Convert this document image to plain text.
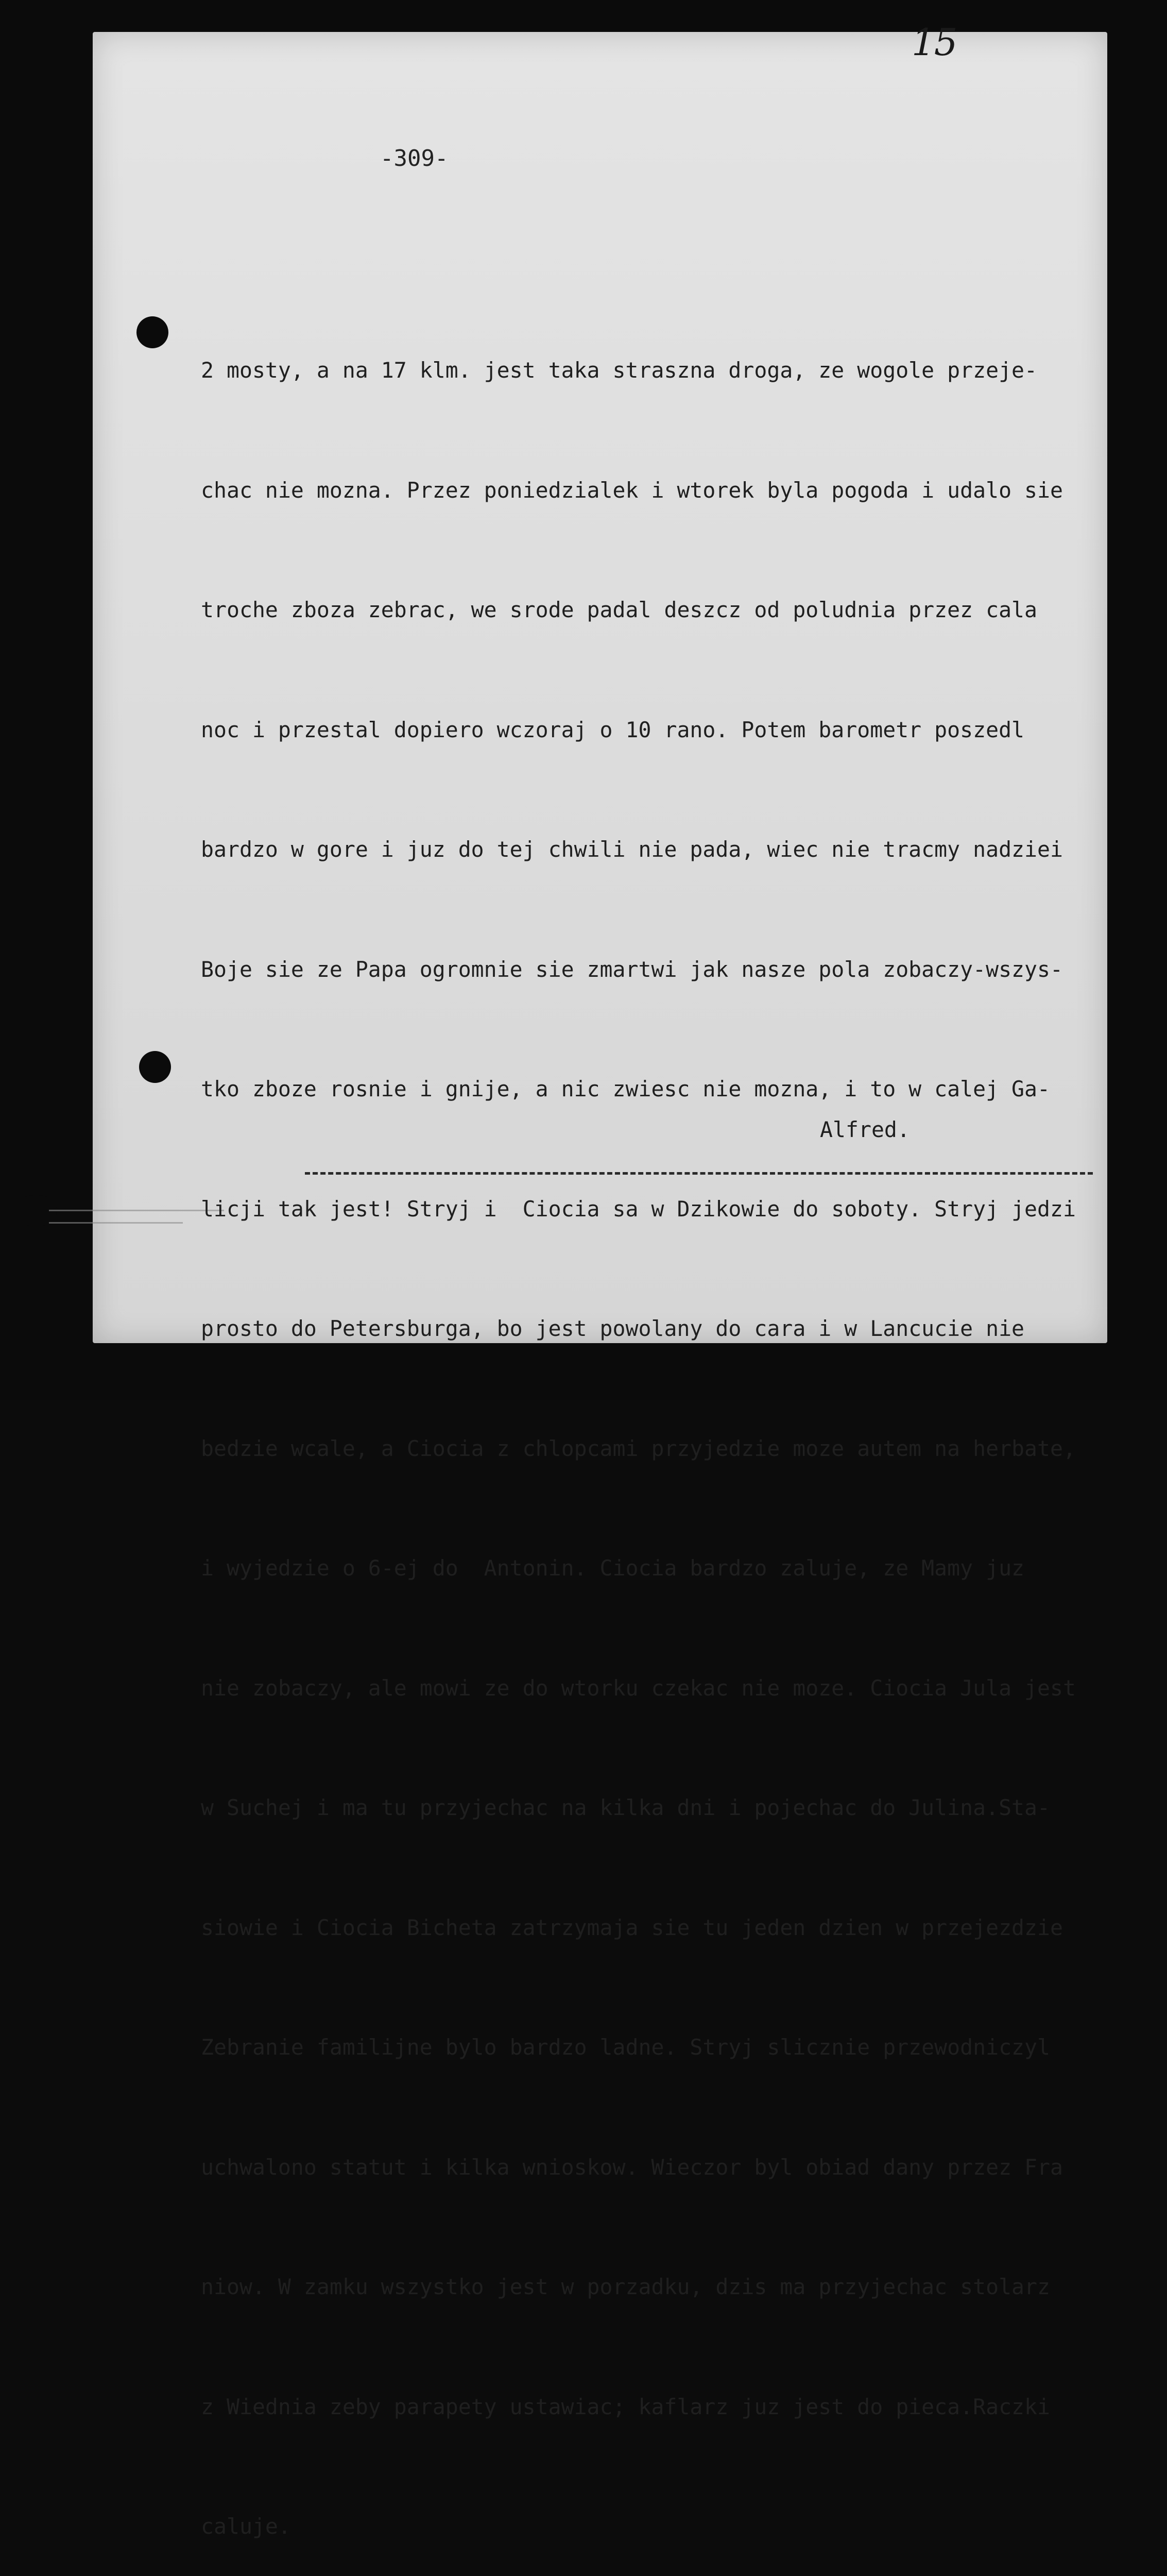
15
-309-

2 mosty, a na 17 klm. jest taka straszna droga, ze wogole przeje-

chac nie mozna. Przez poniedzialek i wtorek byla pogoda i udalo sie

troche zboza zebrac, we srode padal deszcz od poludnia przez cala

noc i przestal dopiero wczoraj o 10 rano. Potem barometr poszedl

bardzo w gore i juz do tej chwili nie pada, wiec nie tracmy nadziei

Boje sie ze Papa ogromnie sie zmartwi jak nasze pola zobaczy-wszys-

tko zboze rosnie i gnije, a nic zwiesc nie mozna, i to w calej Ga-

licji tak jest! Stryj i  Ciocia sa w Dzikowie do soboty. Stryj jedzi

prosto do Petersburga, bo jest powolany do cara i w Lancucie nie

bedzie wcale, a Ciocia z chlopcami przyjedzie moze autem na herbate,

i wyjedzie o 6-ej do  Antonin. Ciocia bardzo zaluje, ze Mamy juz

nie zobaczy, ale mowi ze do wtorku czekac nie moze. Ciocia Jula jest

w Suchej i ma tu przyjechac na kilka dni i pojechac do Julina.Sta-

siowie i Ciocia Bicheta zatrzymaja sie tu jeden dzien w przejezdzie

Zebranie familijne bylo bardzo ladne. Stryj slicznie przewodniczyl

uchwalono statut i kilka wnioskow. Wieczor byl obiad dany przez Fra

niow. W zamku wszystko jest w porzadku, dzis ma przyjechac stolarz

z Wiednia zeby parapety ustawiac; kaflarz juz jest do pieca.Raczki

caluje.

Alfred.
